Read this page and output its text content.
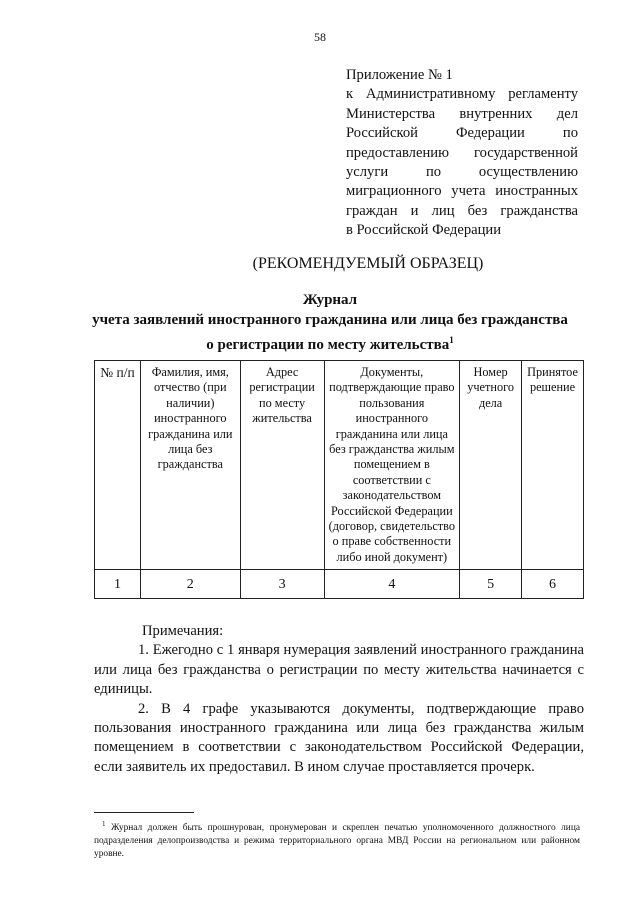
58
Приложение № 1
к Административному регламенту
Министерства внутренних дел
Российской Федерации по
предоставлению государственной
услуги по осуществлению
миграционного учета иностранных
граждан и лиц без гражданства
в Российской Федерации
(РЕКОМЕНДУЕМЫЙ ОБРАЗЕЦ)
Журнал
учета заявлений иностранного гражданина или лица без гражданства
о регистрации по месту жительства$^1$
№ п/п	Фамилия, имя, отчество (при наличии) иностранного гражданина или лица без гражданства	Адрес регистрации по месту жительства	Документы, подтверждающие право пользования иностранного гражданина или лица без гражданства жилым помещением в соответствии с законодательством Российской Федерации (договор, свидетельство о праве собственности либо иной документ)	Номер учетного дела	Принятое решение
1	2	3	4	5	6

Примечания:

1. Ежегодно с 1 января нумерация заявлений иностранного гражданина или лица без гражданства о регистрации по месту жительства начинается с единицы.

2. В 4 графе указываются документы, подтверждающие право пользования иностранного гражданина или лица без гражданства жилым помещением в соответствии с законодательством Российской Федерации, если заявитель их предоставил. В ином случае проставляется прочерк.

$^1$ Журнал должен быть прошнурован, пронумерован и скреплен печатью уполномоченного должностного лица подразделения делопроизводства и режима территориального органа МВД России на региональном или районном уровне.
